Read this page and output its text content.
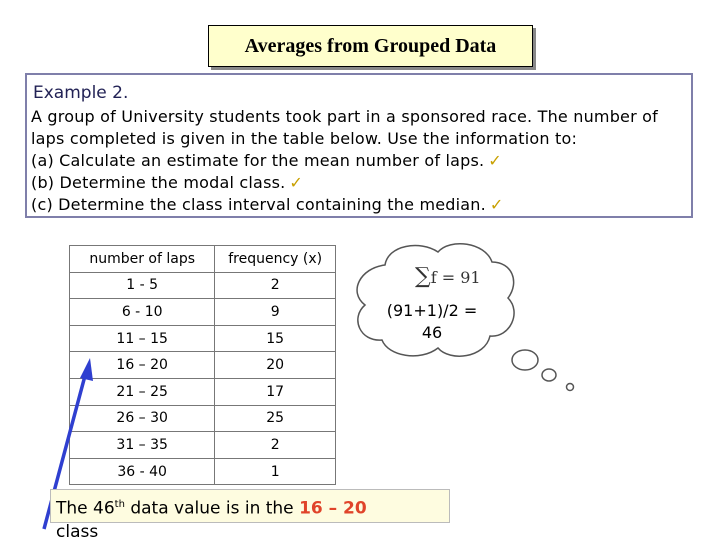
Averages from Grouped Data
Example 2.
A group of University students took part in a sponsored race. The number of
laps completed is given in the table below. Use the information to:
(a) Calculate an estimate for the mean number of laps. ✓
(b) Determine the modal class. ✓
(c) Determine the class interval containing the median. ✓
number of laps	frequency (x)
1 - 5	2
6 - 10	9
11 – 15	15
16 – 20	20
21 – 25	17
26 – 30	25
31 – 35	2
36 - 40	1
∑f = 91
(91+1)/2 =
46
The 46th data value is in the 16 – 20
class
